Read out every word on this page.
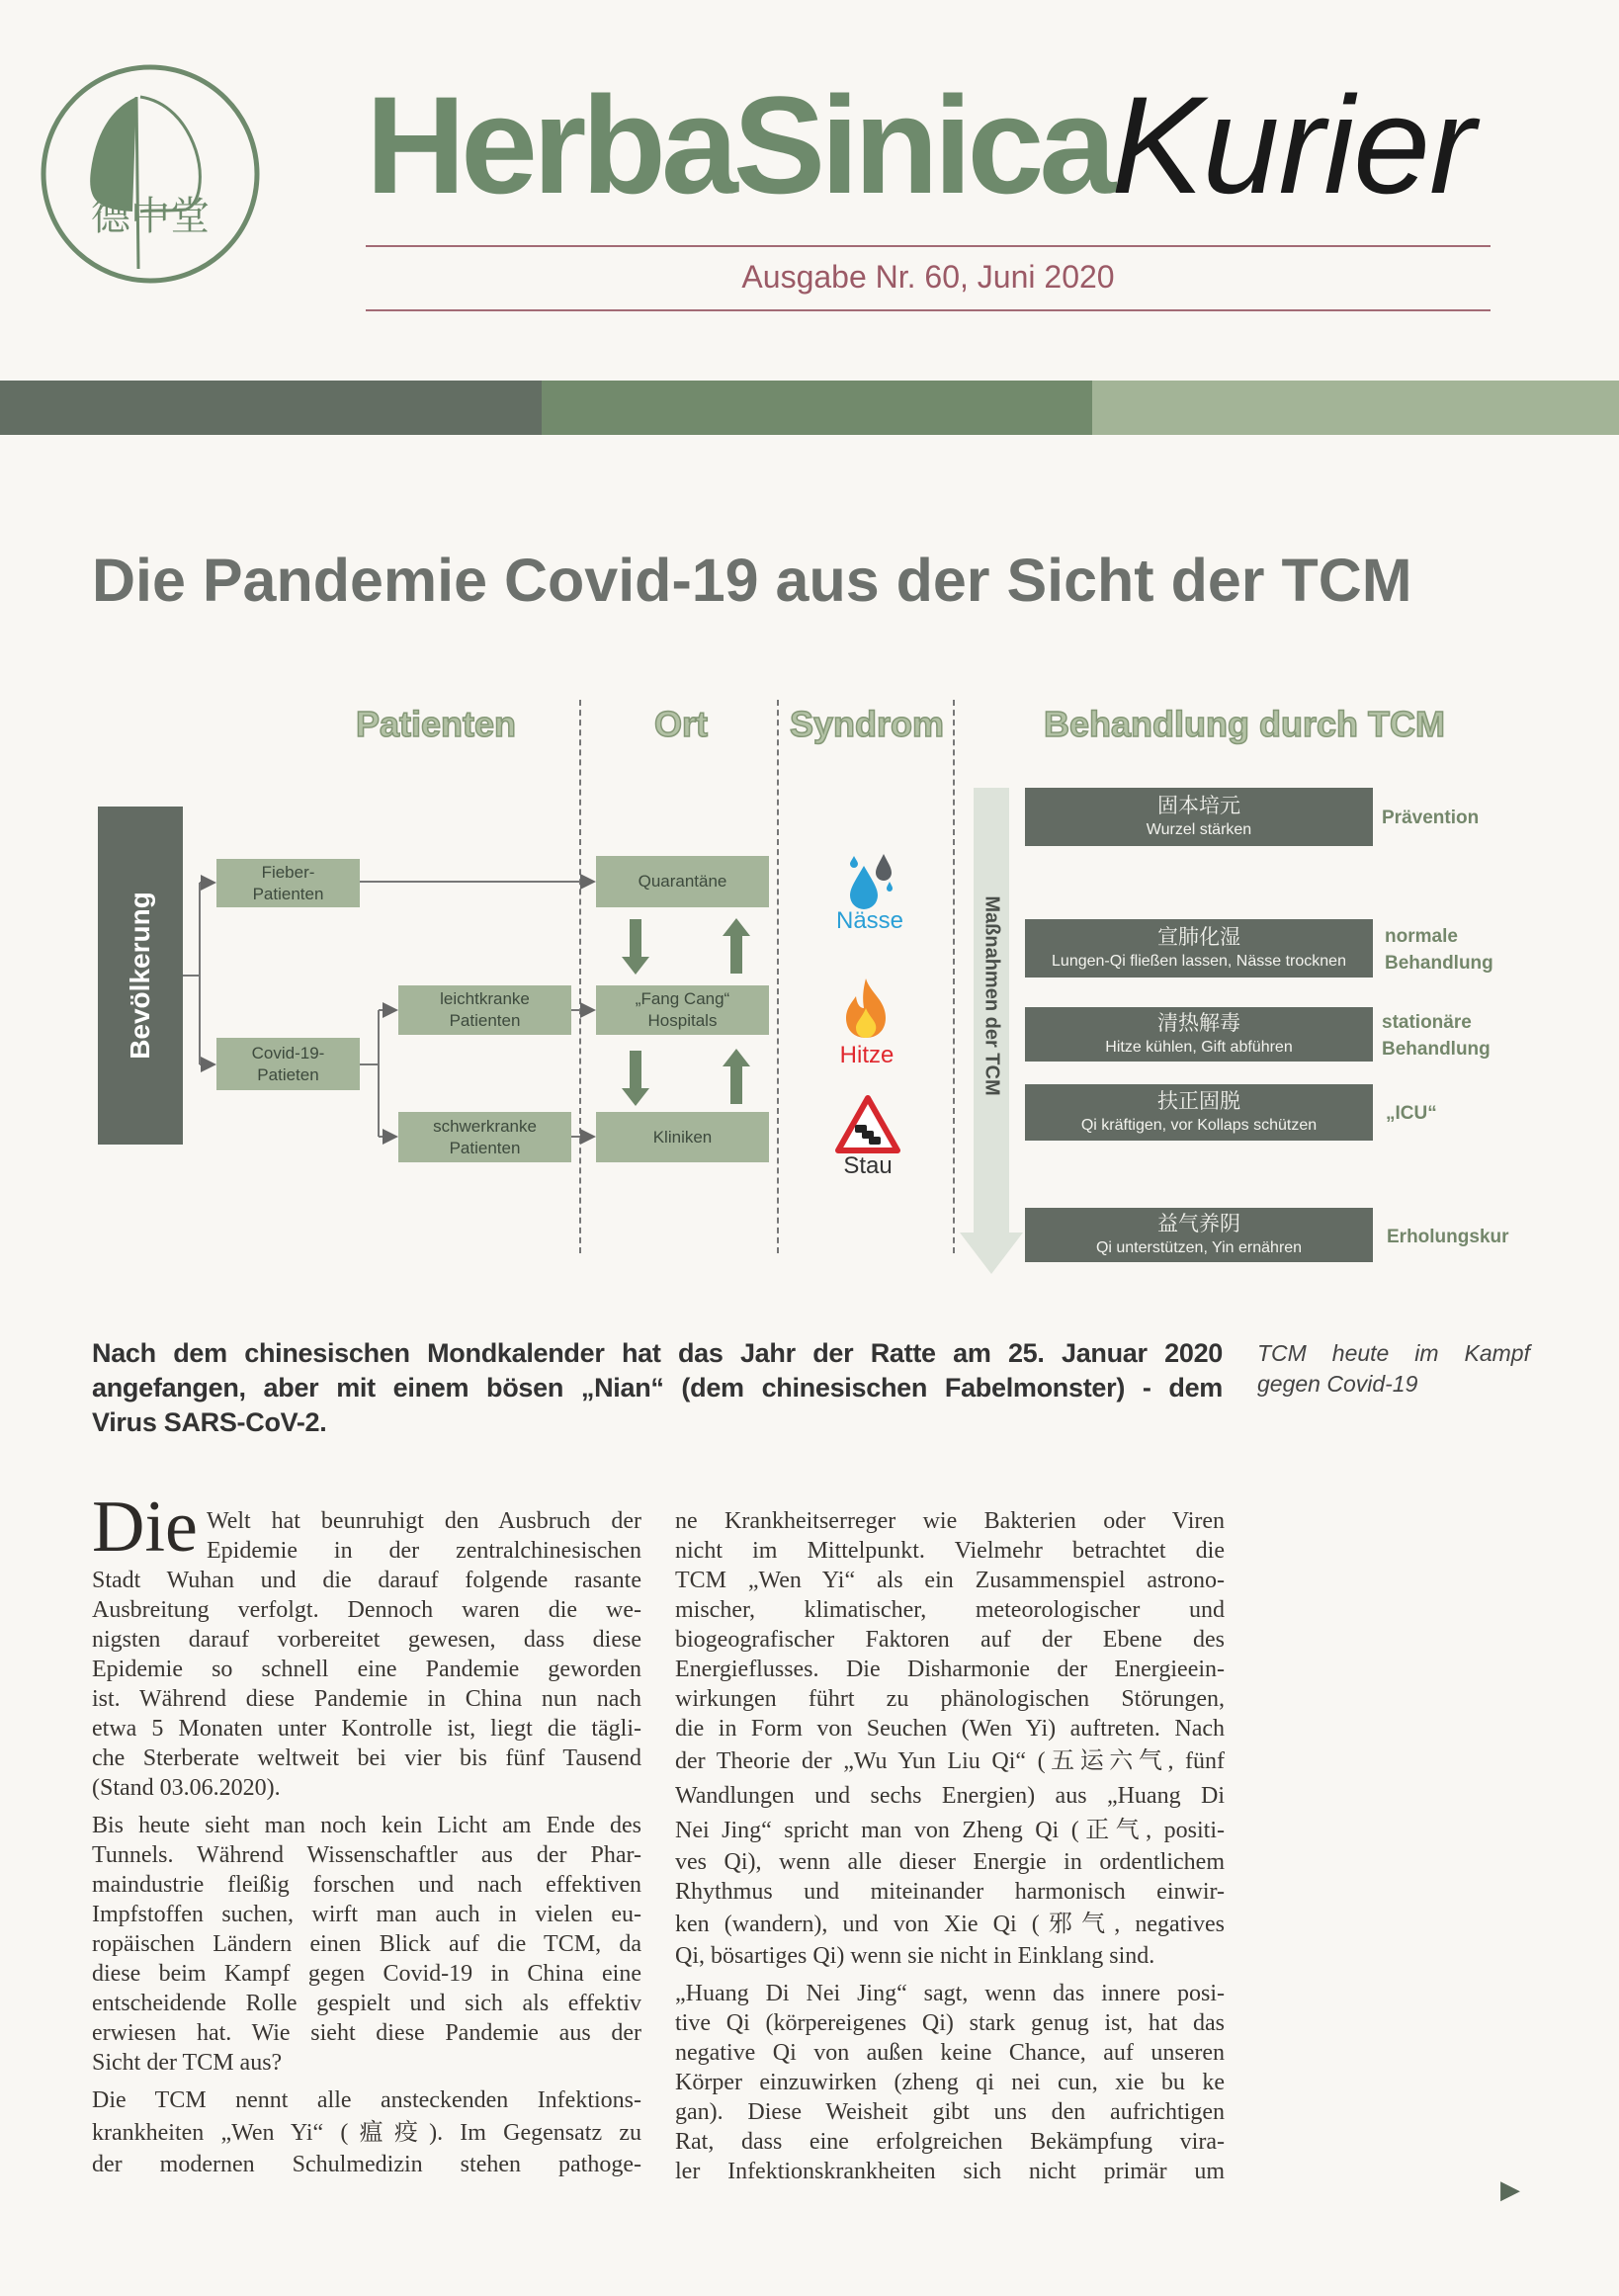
德中堂 HerbaSinicaKurier
Ausgabe Nr. 60, Juni 2020
Die Pandemie Covid-19 aus der Sicht der TCM
Patienten	Ort Syndrom	Behandlung durch TCM
Bevölkerung
Fieber-
Patienten
Covid-19-
Patieten
leichtkranke
Patienten
schwerkranke
Patienten
Quarantäne
„Fang Cang“
Hospitals
Kliniken
Nässe
Hitze
Stau
Maßnahmen der TCM
固本培元
Wurzel stärken
Prävention
宣肺化湿
Lungen-Qi fließen lassen, Nässe trocknen
normale
Behandlung
清热解毒
Hitze kühlen, Gift abführen
stationäre
Behandlung
扶正固脱
Qi kräftigen, vor Kollaps schützen
„ICU“
益气养阴
Qi unterstützen, Yin ernähren	Erholungskur
Nach dem chinesischen Mondkalender hat das Jahr der Ratte am 25. Januar 2020
angefangen, aber mit einem bösen „Nian“ (dem chinesischen Fabelmonster) - dem
Virus SARS-CoV-2.
TCM heute im Kampf
gegen Covid-19
Die Welt hat beunruhigt den Ausbruch der
Epidemie in der zentralchinesischen
Stadt Wuhan und die darauf folgende rasante
Ausbreitung verfolgt. Dennoch waren die we-
nigsten darauf vorbereitet gewesen, dass diese
Epidemie so schnell eine Pandemie geworden
ist. Während diese Pandemie in China nun nach
etwa 5 Monaten unter Kontrolle ist, liegt die tägli-
che Sterberate weltweit bei vier bis fünf Tausend
(Stand 03.06.2020).
Bis heute sieht man noch kein Licht am Ende des
Tunnels. Während Wissenschaftler aus der Phar-
maindustrie fleißig forschen und nach effektiven
Impfstoffen suchen, wirft man auch in vielen eu-
ropäischen Ländern einen Blick auf die TCM, da
diese beim Kampf gegen Covid-19 in China eine
entscheidende Rolle gespielt und sich als effektiv
erwiesen hat. Wie sieht diese Pandemie aus der
Sicht der TCM aus?
Die TCM nennt alle ansteckenden Infektions-
krankheiten „Wen Yi“ (瘟疫). Im Gegensatz zu
der modernen Schulmedizin stehen pathoge-
ne Krankheitserreger wie Bakterien oder Viren
nicht im Mittelpunkt. Vielmehr betrachtet die
TCM „Wen Yi“ als ein Zusammenspiel astrono-
mischer, klimatischer, meteorologischer und
biogeografischer Faktoren auf der Ebene des
Energieflusses. Die Disharmonie der Energieein-
wirkungen führt zu phänologischen Störungen,
die in Form von Seuchen (Wen Yi) auftreten. Nach
der Theorie der „Wu Yun Liu Qi“ (五运六气, fünf
Wandlungen und sechs Energien) aus „Huang Di
Nei Jing“ spricht man von Zheng Qi (正气, positi-
ves Qi), wenn alle dieser Energie in ordentlichem
Rhythmus und miteinander harmonisch einwir-
ken (wandern), und von Xie Qi (邪气, negatives
Qi, bösartiges Qi) wenn sie nicht in Einklang sind.
„Huang Di Nei Jing“ sagt, wenn das innere posi-
tive Qi (körpereigenes Qi) stark genug ist, hat das
negative Qi von außen keine Chance, auf unseren
Körper einzuwirken (zheng qi nei cun, xie bu ke
gan). Diese Weisheit gibt uns den aufrichtigen
Rat, dass eine erfolgreichen Bekämpfung vira-
ler Infektionskrankheiten sich nicht primär um
▶
